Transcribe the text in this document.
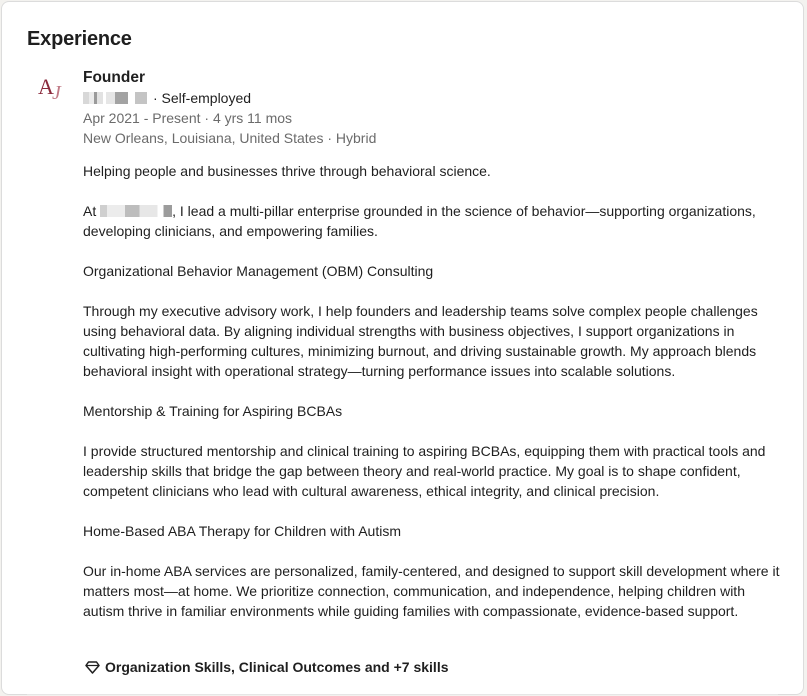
Experience
A
J
Founder
· Self-employed
Apr 2021 - Present · 4 yrs 11 mos
New Orleans, Louisiana, United States · Hybrid

Helping people and businesses thrive through behavioral science.

At	, I lead a multi-pillar enterprise grounded in the science of behavior—supporting organizations, developing clinicians, and empowering families.

Organizational Behavior Management (OBM) Consulting

Through my executive advisory work, I help founders and leadership teams solve complex people challenges using behavioral data. By aligning individual strengths with business objectives, I support organizations in cultivating high-performing cultures, minimizing burnout, and driving sustainable growth. My approach blends behavioral insight with operational strategy—turning performance issues into scalable solutions.

Mentorship & Training for Aspiring BCBAs

I provide structured mentorship and clinical training to aspiring BCBAs, equipping them with practical tools and leadership skills that bridge the gap between theory and real-world practice. My goal is to shape confident, competent clinicians who lead with cultural awareness, ethical integrity, and clinical precision.

Home-Based ABA Therapy for Children with Autism

Our in-home ABA services are personalized, family-centered, and designed to support skill development where it matters most—at home. We prioritize connection, communication, and independence, helping children with autism thrive in familiar environments while guiding families with compassionate, evidence-based support.

Organization Skills, Clinical Outcomes and +7 skills
